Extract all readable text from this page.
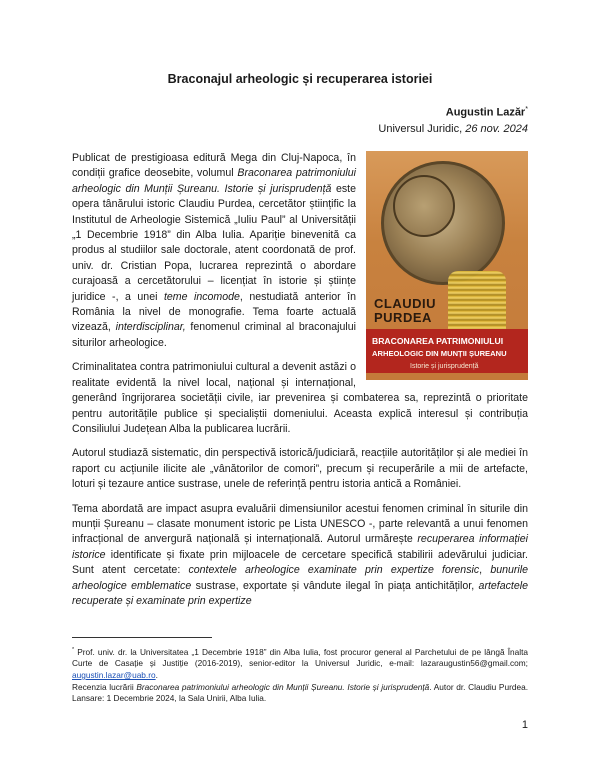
Braconajul arheologic și recuperarea istoriei
Augustin Lazăr*
Universul Juridic, 26 nov. 2024
CLAUDIU
PURDEA
BRACONAREA PATRIMONIULUI
ARHEOLOGIC DIN MUNȚII ȘUREANU
Istorie și jurisprudență

Publicat de prestigioasa editură Mega din Cluj-Napoca, în condiții grafice deosebite, volumul Braconarea patrimoniului arheologic din Munții Șureanu. Istorie și jurisprudență este opera tânărului istoric Claudiu Purdea, cercetător științific la Institutul de Arheologie Sistemică „Iuliu Paul” al Universității „1 Decembrie 1918” din Alba Iulia. Apariție binevenită ca produs al studiilor sale doctorale, atent coordonată de prof. univ. dr. Cristian Popa, lucrarea reprezintă o abordare curajoasă a cercetătorului – licențiat în istorie și științe juridice -, a unei teme incomode, nestudiată anterior în România la nivel de monografie. Tema foarte actuală vizează, interdisciplinar, fenomenul criminal al braconajului siturilor arheologice.

Criminalitatea contra patrimoniului cultural a devenit astăzi o realitate evidentă la nivel local, național și internațional, generând îngrijorarea societății civile, iar prevenirea și combaterea sa, reprezintă o prioritate pentru autoritățile publice și specialiștii domeniului. Aceasta explică interesul și contribuția Consiliului Județean Alba la publicarea lucrării.

Autorul studiază sistematic, din perspectivă istorică/judiciară, reacțiile autorităților și ale mediei în raport cu acțiunile ilicite ale „vânătorilor de comori”, precum și recuperările a mii de artefacte, loturi și tezaure antice sustrase, unele de referință pentru istoria antică a României.

Tema abordată are impact asupra evaluării dimensiunilor acestui fenomen criminal în siturile din munții Șureanu – clasate monument istoric pe Lista UNESCO -, parte relevantă a unui fenomen infracțional de anvergură națională și internațională. Autorul urmărește recuperarea informației istorice identificate și fixate prin mijloacele de cercetare specifică stabilirii adevărului judiciar. Sunt atent cercetate: contextele arheologice examinate prin expertize forensic, bunurile arheologice emblematice sustrase, exportate și vândute ilegal în piața antichităților, artefactele recuperate și examinate prin expertize

* Prof. univ. dr. la Universitatea „1 Decembrie 1918” din Alba Iulia, fost procuror general al Parchetului de pe lângă Înalta Curte de Casație și Justiție (2016-2019), senior-editor la Universul Juridic, e-mail: lazaraugustin56@gmail.com; augustin.lazar@uab.ro.

Recenzia lucrării Braconarea patrimoniului arheologic din Munții Șureanu. Istorie și jurisprudență. Autor dr. Claudiu Purdea. Lansare: 1 Decembrie 2024, la Sala Unirii, Alba Iulia.

1
